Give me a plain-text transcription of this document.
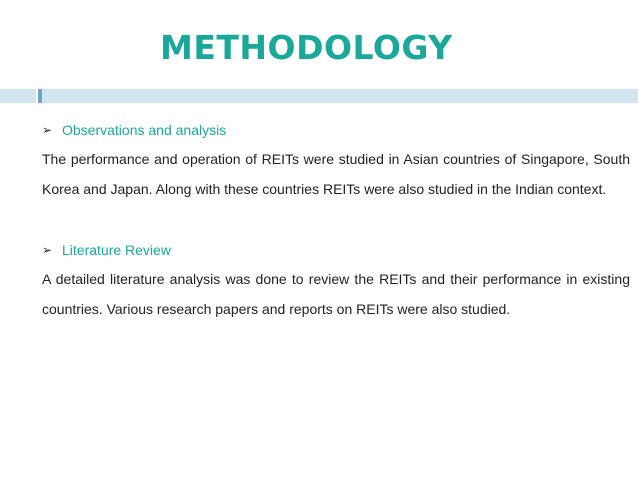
METHODOLOGY
➢ Observations and analysis

The performance and operation of REITs were studied in Asian countries of Singapore, South Korea and Japan. Along with these countries REITs were also studied in the Indian context.

➢ Literature Review

A detailed literature analysis was done to review the REITs and their performance in existing countries. Various research papers and reports on REITs were also studied.
